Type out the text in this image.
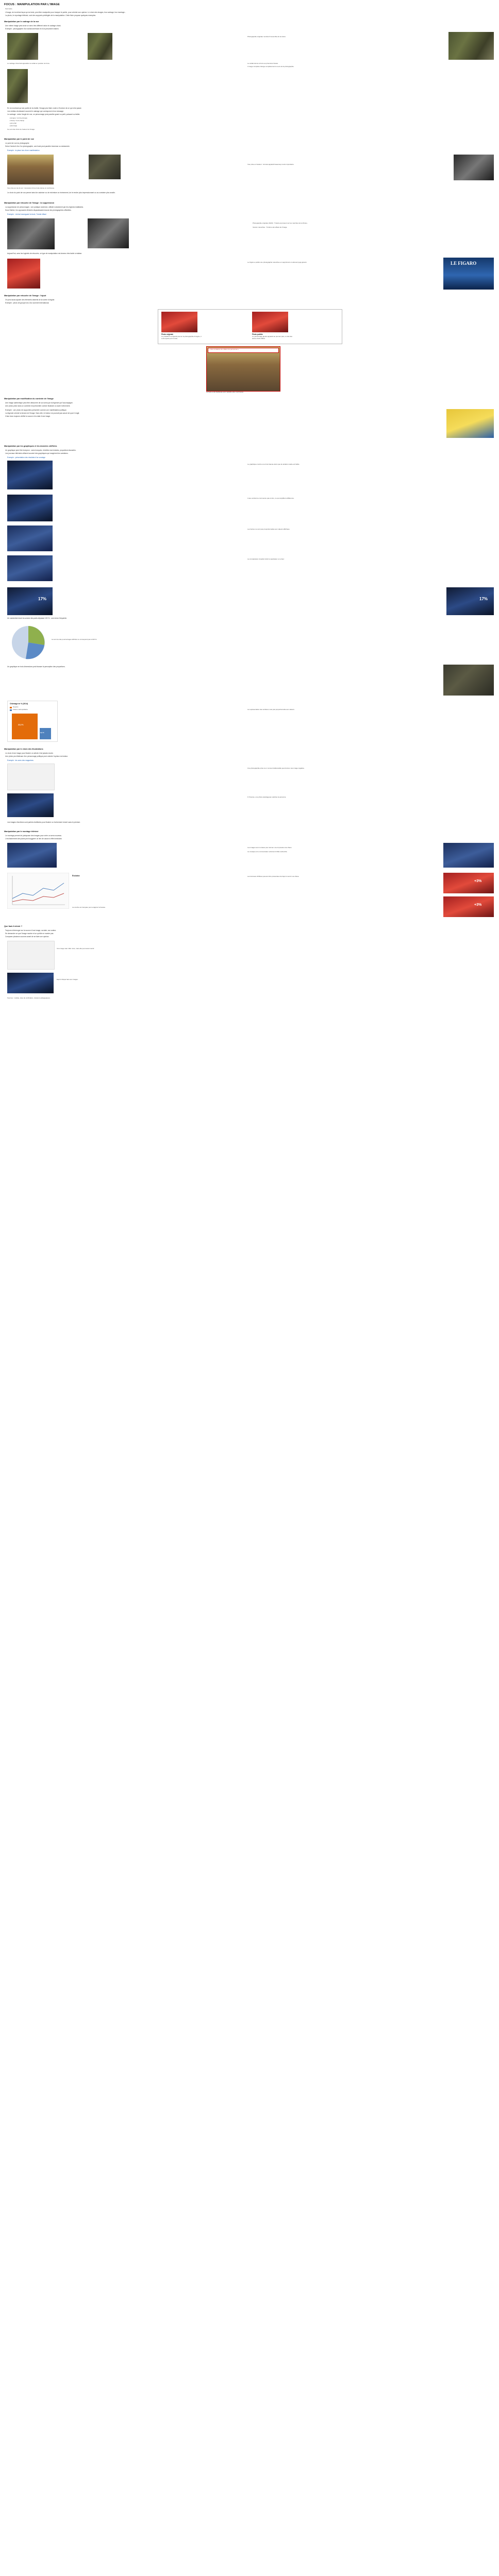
FOCUS : MANIPULATION PAR L'IMAGE
Sommaire
L'image, de la même façon qu'un texte, peut être manipulée pour tromper le public, pour orienter son opinion. Le choix des images, leur cadrage, leur montage...
La photo, le reportage télévisé, sont des supports privilégiés de la manipulation. Cette fiche propose quelques exemples.
Manipulation par le cadrage de la vue
Une même image peut avoir un sens très différent selon le cadrage choisi.
Exemple : photographie d'un soldat américain et d'un prisonnier irakien.
Photographie originale montrant l'ensemble de la scène.
Le cadrage choisi fait apparaître le soldat en position de force.	Le soldat donne à boire au prisonnier blessé.
L'image complète change complètement le sens de la photographie.
En ne montrant qu'une partie de la réalité, l'image peut faire croire à l'inverse de ce qui s'est passé.
Les médias choisissent souvent le cadrage qui correspond à leur message.
Le cadrage : selon l'angle de vue, un personnage peut paraître grand ou petit, puissant ou faible.
• plongée / contre-plongée
• champ / hors-champ
• gros plan
• plan large
Ce sont des choix de l'auteur de l'image.
Manipulation par le point de vue
Le point de vue du photographe
Selon l'endroit d'où l'on photographie, une foule peut paraître immense ou clairsemée.
Exemple : la place lors d'une manifestation
Vue prise en hauteur : la foule apparaît beaucoup moins importante.
Vue prise au ras du sol : impression d'une foule dense et nombreuse.
Le choix du point de vue permet ainsi de valoriser ou de minimiser un événement, de le rendre plus impressionnant ou au contraire plus anodin.
Manipulation par retouche de l'image : la suppression
La suppression de personnages : une pratique ancienne, utilisée notamment par les régimes totalitaires.
Sous Staline, les opposants éliminés disparaissaient aussi des photographies officielles.
Exemple : Lénine haranguant la foule, Trotski effacé
Photographie originale (1920) : Trotski est présent sur les marches de la tribune.
Version retouchée : Trotski a été effacé de l'image.
Aujourd'hui, avec les logiciels de retouche, ce type de manipulation est devenu très facile à réaliser.
Le Figaro a publié une photographie retouchée en supprimant un élément jugé gênant.	LE FIGARO
Manipulation par retouche de l'image : l'ajout
On peut aussi ajouter des éléments absents de la scène d'origine.
Exemple : photo de groupe lors d'un sommet international.
Photo originale
Le président ne figurait pas sur la photographie d'origine, il a été ajouté par la suite.
Photo publiée
Le personnage ajouté apparaît au premier plan, à côté des autres chefs d'État.
« Des centaines de milliers de personnes »
La foule a été dupliquée pour paraître plus nombreuse.
Manipulation par modification du contexte de l'image
Une image authentique peut être détournée de son sens par la légende qui l'accompagne.
Une photo prise dans un contexte est présentée comme illustrant un autre événement.
Exemple : une photo de supporters présentée comme une manifestation politique.
La légende oriente la lecture de l'image. Sans elle, le lecteur ne pourrait pas savoir de quoi il s'agit.
Il faut donc toujours vérifier la source et la date d'une image.
Manipulation par les graphiques et les données chiffrées
Un graphique peut être trompeur : axes tronqués, échelles mal choisies, proportions faussées.
Les journaux télévisés utilisent souvent des graphiques qui exagèrent les variations.
Exemple : présentation des résultats d'un sondage
Le graphique montre une forte hausse alors que la variation réelle est faible.
L'axe vertical ne commence pas à zéro, ce qui amplifie la différence.
Les barres ne sont pas proportionnelles aux valeurs affichées.
La comparaison visuelle induit le spectateur en erreur.
17%	17%
Un camembert dont la somme des parts dépasse 100 % : une erreur fréquente.
La somme des pourcentages affichés ne correspond pas à 100 %.
Un graphique en trois dimensions peut fausser la perception des proportions.
Chômage en % (2014)
Guyane
France métropolitaine
22,3 %
9,9 %
La représentation des surfaces n'est pas proportionnelle aux valeurs.
Manipulation par le choix des illustrations
Le choix d'une image pour illustrer un article n'est jamais neutre.
Une photo peu flatteuse d'un personnage politique peut orienter l'opinion du lecteur.
Exemple : les unes des magazines
Une photographie prise à un moment défavorable peut donner une image négative.
À l'inverse, une photo avantageuse valorise la personne.
Les images d'archives sont parfois réutilisées pour illustrer un événement récent sans le préciser.
Manipulation par le montage télévisé
Le montage permet de juxtaposer des images pour créer un sens nouveau.
L'enchaînement des plans peut suggérer un lien de cause à effet inexistant.
Les images sont montées pour donner une impression de chaos.
La musique et le commentaire renforcent l'effet recherché.
Évolution	Les données chiffrées peuvent être présentées de façon à servir une thèse.
+3%
+3%
La courbe est tronquée pour exagérer la hausse.
Que faut-il retenir ?
Toujours s'interroger sur la source d'une image, sa date, son auteur.
Se demander ce que l'image montre et ce qu'elle ne montre pas.
Comparer plusieurs sources avant de se faire une opinion.
Une image vaut mille mots, mais elle peut aussi mentir.
Esprit critique face aux images.
Sources : médias, sites de vérification, dossiers pédagogiques.
